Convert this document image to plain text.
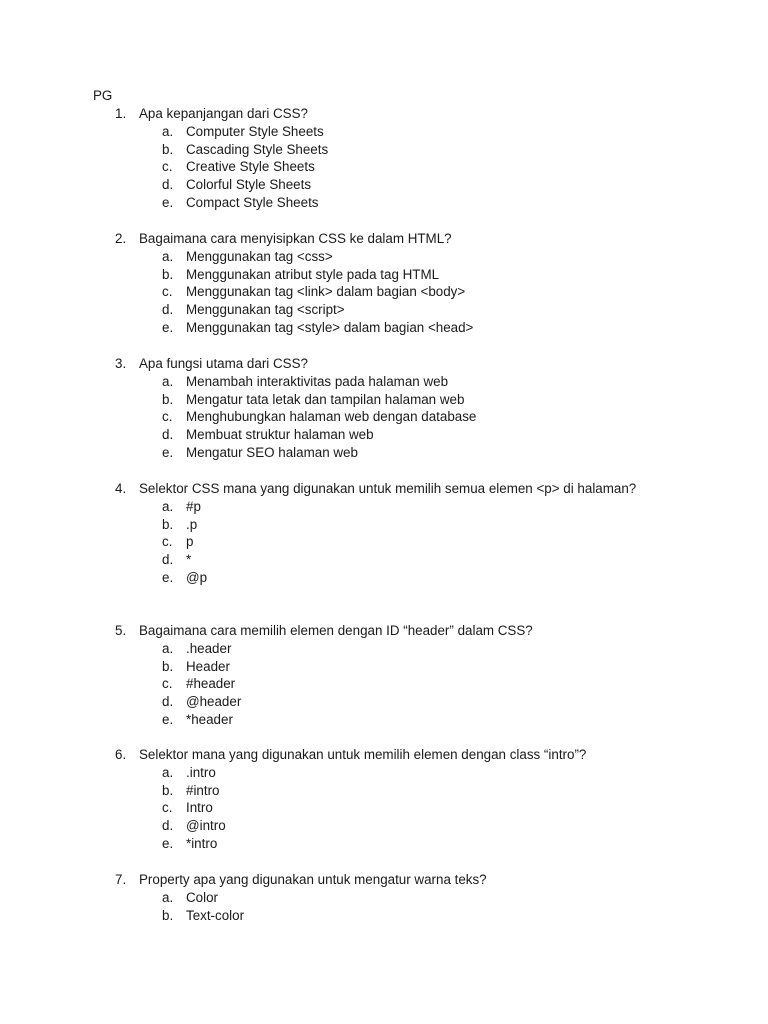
PG

1. Apa kepanjangan dari CSS?
a. Computer Style Sheets
b. Cascading Style Sheets
c.	Creative Style Sheets
d. Colorful Style Sheets
e. Compact Style Sheets
2. Bagaimana cara menyisipkan CSS ke dalam HTML?
a. Menggunakan tag <css>
b. Menggunakan atribut style pada tag HTML
c.	Menggunakan tag <link> dalam bagian <body>
d. Menggunakan tag <script>
e. Menggunakan tag <style> dalam bagian <head>
3. Apa fungsi utama dari CSS?
a. Menambah interaktivitas pada halaman web
b. Mengatur tata letak dan tampilan halaman web
c.	Menghubungkan halaman web dengan database
d. Membuat struktur halaman web
e. Mengatur SEO halaman web
4. Selektor CSS mana yang digunakan untuk memilih semua elemen <p> di halaman?
a. #p
b. .p
c.	p
d. *
e. @p
5. Bagaimana cara memilih elemen dengan ID “header” dalam CSS?
a. .header
b. Header
c.	#header
d. @header
e. *header
6. Selektor mana yang digunakan untuk memilih elemen dengan class “intro”?
a. .intro
b. #intro
c.	Intro
d. @intro
e. *intro
7. Property apa yang digunakan untuk mengatur warna teks?
a. Color
b. Text-color
